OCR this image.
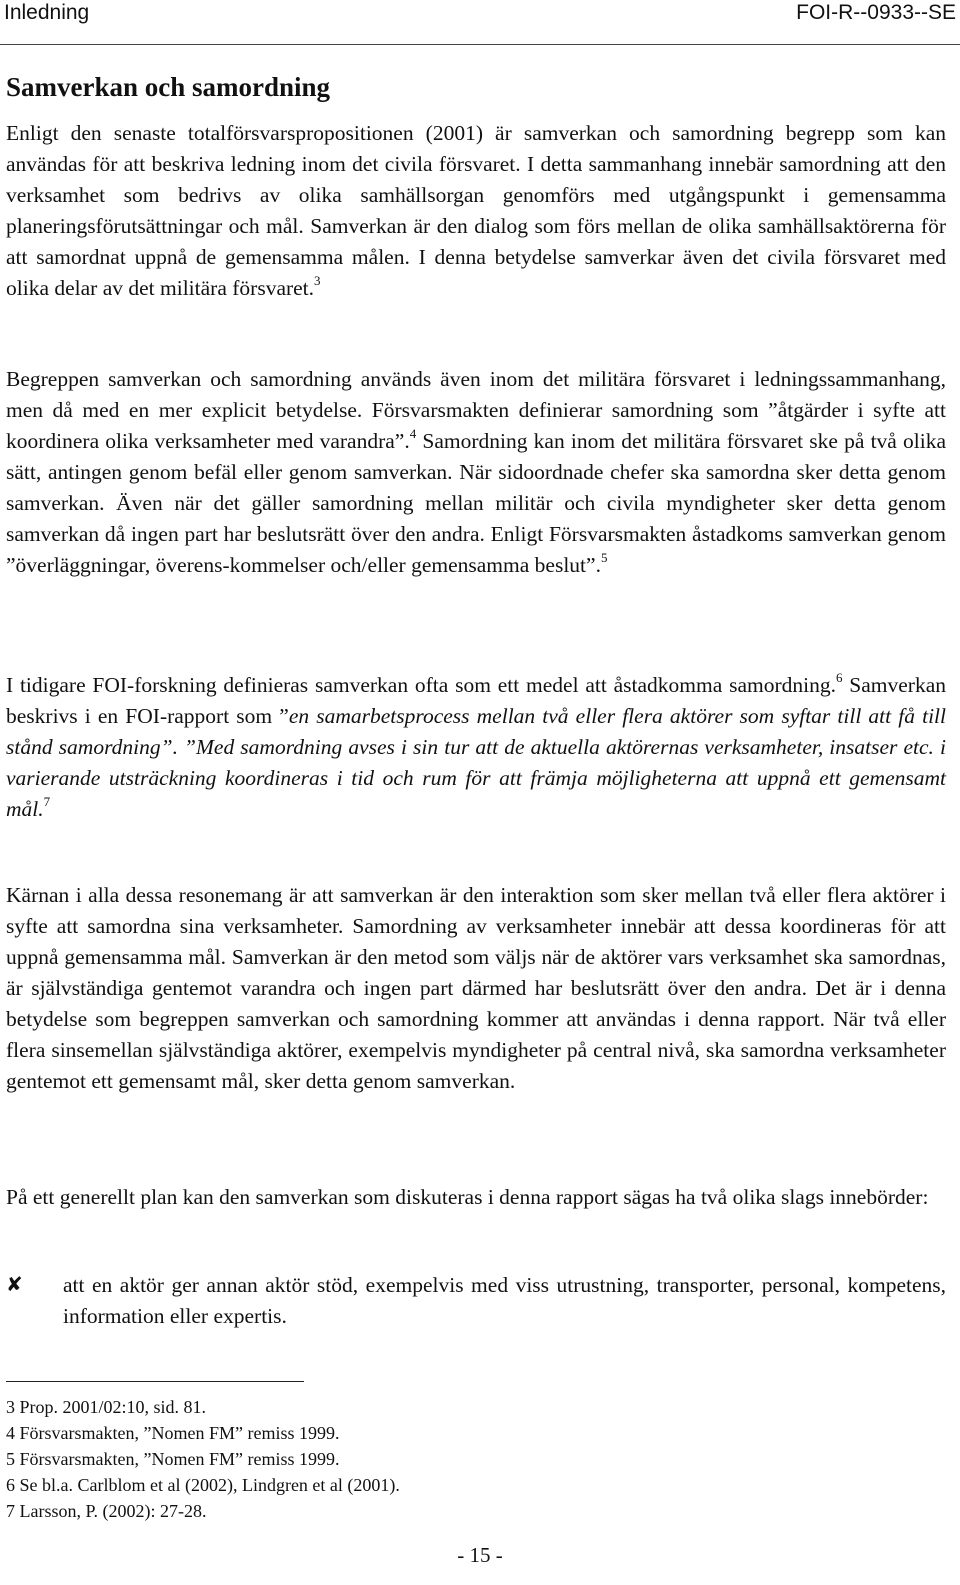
Inledning	FOI-R--0933--SE
Samverkan och samordning

Enligt den senaste totalförsvarspropositionen (2001) är samverkan och samordning begrepp som kan användas för att beskriva ledning inom det civila försvaret. I detta sammanhang innebär samordning att den verksamhet som bedrivs av olika samhällsorgan genomförs med utgångspunkt i gemensamma planeringsförutsättningar och mål. Samverkan är den dialog som förs mellan de olika samhällsaktörerna för att samordnat uppnå de gemensamma målen. I denna betydelse samverkar även det civila försvaret med olika delar av det militära försvaret.$^3$

Begreppen samverkan och samordning används även inom det militära försvaret i ledningssammanhang, men då med en mer explicit betydelse. Försvarsmakten definierar samordning som ”åtgärder i syfte att koordinera olika verksamheter med varandra”.$^4$ Samordning kan inom det militära försvaret ske på två olika sätt, antingen genom befäl eller genom samverkan. När sidoordnade chefer ska samordna sker detta genom samverkan. Även när det gäller samordning mellan militär och civila myndigheter sker detta genom samverkan då ingen part har beslutsrätt över den andra. Enligt Försvarsmakten åstadkoms samverkan genom ”överläggningar, överens-kommelser och/eller gemensamma beslut”.$^5$

I tidigare FOI-forskning definieras samverkan ofta som ett medel att åstadkomma samordning.$^6$ Samverkan beskrivs i en FOI-rapport som ”en samarbetsprocess mellan två eller flera aktörer som syftar till att få till stånd samordning”. ”Med samordning avses i sin tur att de aktuella aktörernas verksamheter, insatser etc. i varierande utsträckning koordineras i tid och rum för att främja möjligheterna att uppnå ett gemensamt mål.$^7$

Kärnan i alla dessa resonemang är att samverkan är den interaktion som sker mellan två eller flera aktörer i syfte att samordna sina verksamheter. Samordning av verksamheter innebär att dessa koordineras för att uppnå gemensamma mål. Samverkan är den metod som väljs när de aktörer vars verksamhet ska samordnas, är självständiga gentemot varandra och ingen part därmed har beslutsrätt över den andra. Det är i denna betydelse som begreppen samverkan och samordning kommer att användas i denna rapport. När två eller flera sinsemellan självständiga aktörer, exempelvis myndigheter på central nivå, ska samordna verksamheter gentemot ett gemensamt mål, sker detta genom samverkan.

På ett generellt plan kan den samverkan som diskuteras i denna rapport sägas ha två olika slags innebörder:

✘ att en aktör ger annan aktör stöd, exempelvis med viss utrustning, transporter, personal, kompetens, information eller expertis.
3 Prop. 2001/02:10, sid. 81.
4 Försvarsmakten, ”Nomen FM” remiss 1999.
5 Försvarsmakten, ”Nomen FM” remiss 1999.
6 Se bl.a. Carlblom et al (2002), Lindgren et al (2001).
7 Larsson, P. (2002): 27-28.
- 15 -
